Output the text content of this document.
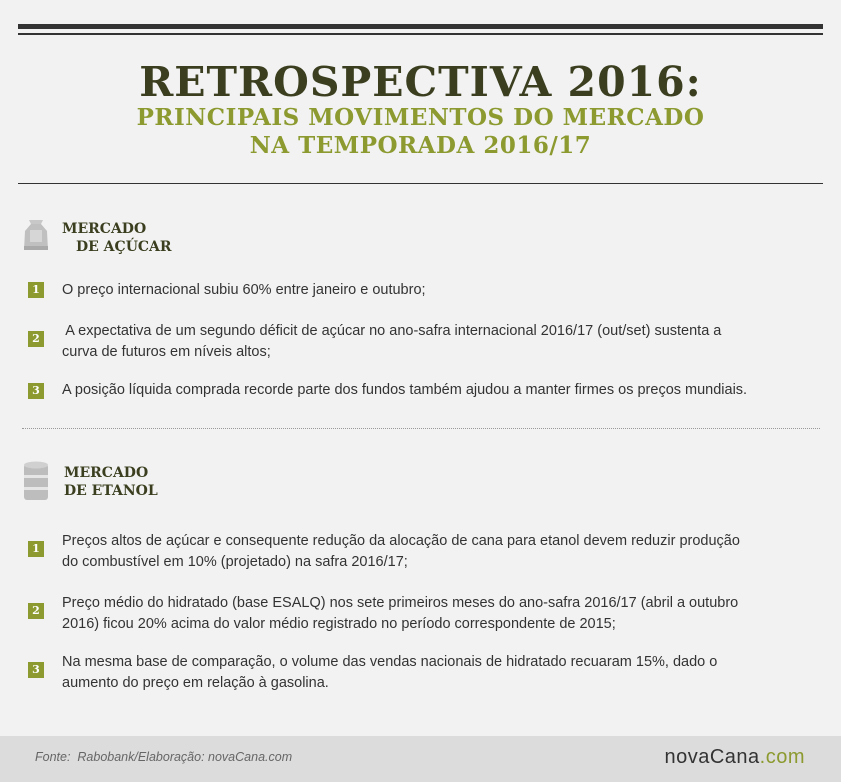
RETROSPECTIVA 2016:
PRINCIPAIS MOVIMENTOS DO MERCADO
NA TEMPORADA 2016/17
MERCADO
DE AÇÚCAR
1 O preço internacional subiu 60% entre janeiro e outubro;
2 A expectativa de um segundo déficit de açúcar no ano-safra internacional 2016/17 (out/set) sustenta a
curva de futuros em níveis altos;
3 A posição líquida comprada recorde parte dos fundos também ajudou a manter firmes os preços mundiais.
MERCADO
DE ETANOL
1 Preços altos de açúcar e consequente redução da alocação de cana para etanol devem reduzir produção
do combustível em 10% (projetado) na safra 2016/17;
2 Preço médio do hidratado (base ESALQ) nos sete primeiros meses do ano-safra 2016/17 (abril a outubro
2016) ficou 20% acima do valor médio registrado no período correspondente de 2015;
3 Na mesma base de comparação, o volume das vendas nacionais de hidratado recuaram 15%, dado o
aumento do preço em relação à gasolina.
Fonte:  Rabobank/Elaboração: novaCana.com	novaCana.com
